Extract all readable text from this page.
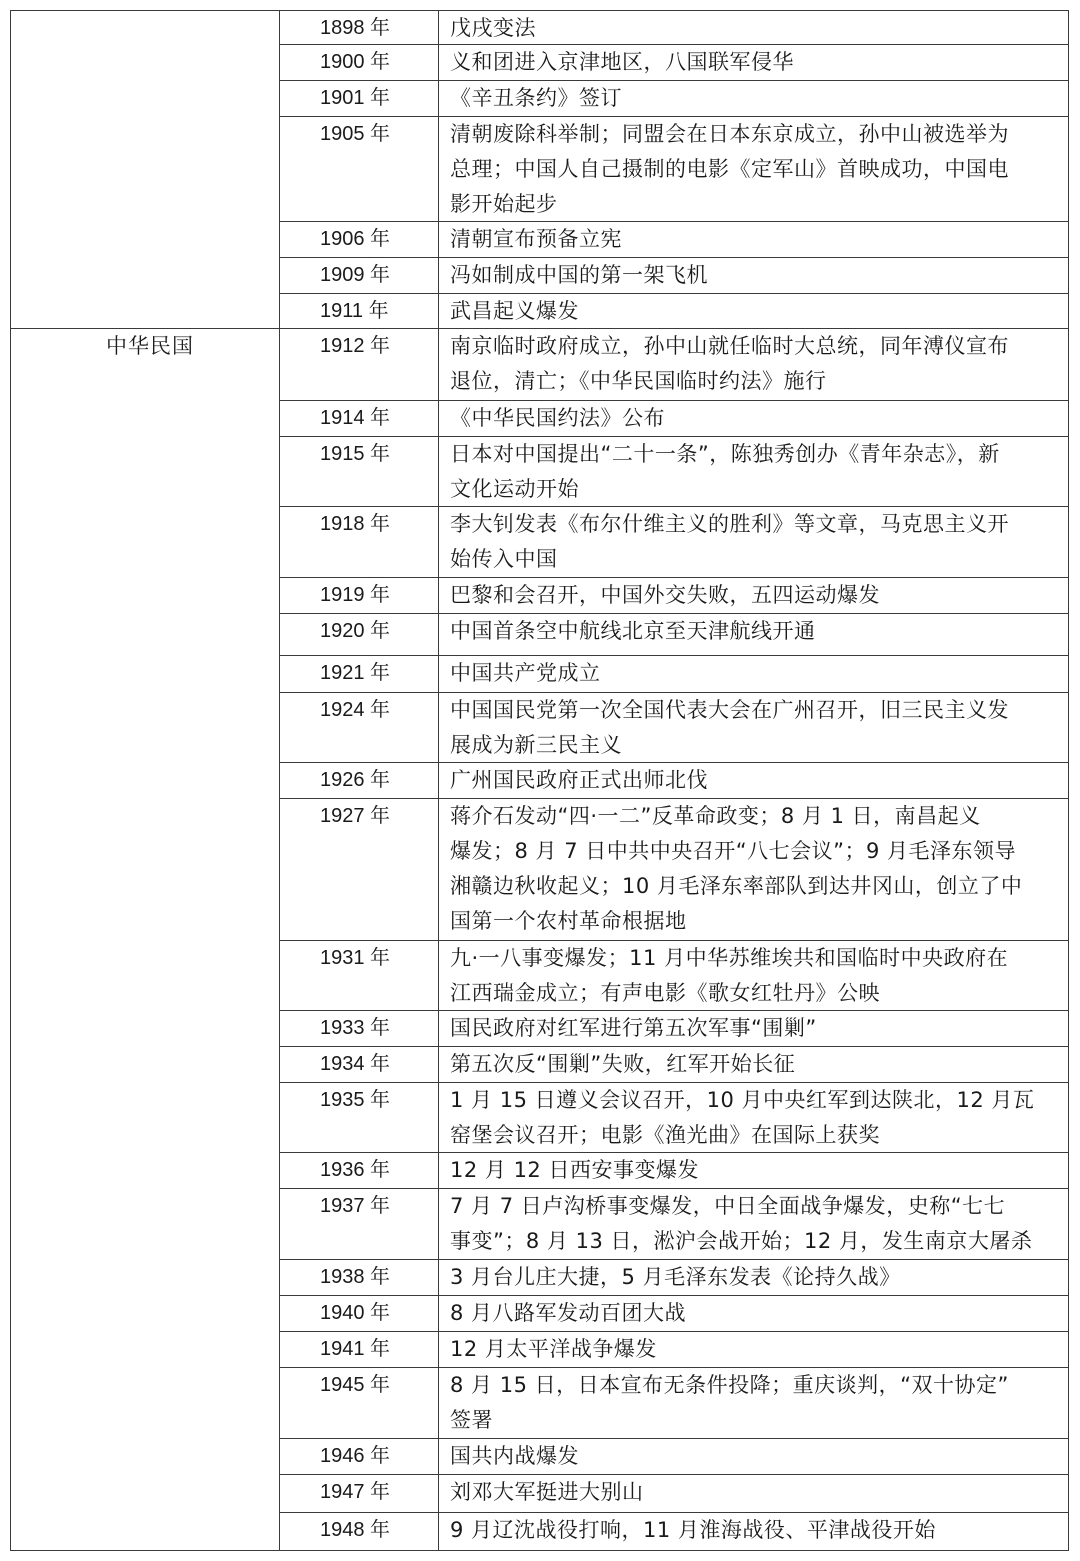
1898 年	戊戌变法
1900 年	义和团进入京津地区，八国联军侵华
1901 年	《辛丑条约》签订
1905 年	清朝废除科举制；同盟会在日本东京成立，孙中山被选举为
总理；中国人自己摄制的电影《定军山》首映成功，中国电
影开始起步
1906 年	清朝宣布预备立宪
1909 年	冯如制成中国的第一架飞机
1911 年	武昌起义爆发
1912 年	南京临时政府成立，孙中山就任临时大总统，同年溥仪宣布
退位，清亡；《中华民国临时约法》施行
1914 年	《中华民国约法》公布
1915 年	日本对中国提出“二十一条”，陈独秀创办《青年杂志》，新
文化运动开始
1918 年	李大钊发表《布尔什维主义的胜利》等文章，马克思主义开
始传入中国
1919 年	巴黎和会召开，中国外交失败，五四运动爆发
1920 年	中国首条空中航线北京至天津航线开通
1921 年	中国共产党成立
1924 年	中国国民党第一次全国代表大会在广州召开，旧三民主义发
展成为新三民主义
1926 年	广州国民政府正式出师北伐
1927 年	蒋介石发动“四·一二”反革命政变；8 月 1 日，南昌起义
爆发；8 月 7 日中共中央召开“八七会议”；9 月毛泽东领导
湘赣边秋收起义；10 月毛泽东率部队到达井冈山，创立了中
国第一个农村革命根据地
1931 年	九·一八事变爆发；11 月中华苏维埃共和国临时中央政府在
江西瑞金成立；有声电影《歌女红牡丹》公映
1933 年	国民政府对红军进行第五次军事“围剿”
1934 年	第五次反“围剿”失败，红军开始长征
1935 年	1 月 15 日遵义会议召开，10 月中央红军到达陕北，12 月瓦
窑堡会议召开；电影《渔光曲》在国际上获奖
1936 年	12 月 12 日西安事变爆发
1937 年	7 月 7 日卢沟桥事变爆发，中日全面战争爆发，史称“七七
事变”；8 月 13 日，淞沪会战开始；12 月，发生南京大屠杀
1938 年	3 月台儿庄大捷，5 月毛泽东发表《论持久战》
1940 年	8 月八路军发动百团大战
1941 年	12 月太平洋战争爆发
1945 年	8 月 15 日，日本宣布无条件投降；重庆谈判，“双十协定”
签署
1946 年	国共内战爆发
1947 年	刘邓大军挺进大别山
1948 年	9 月辽沈战役打响，11 月淮海战役、平津战役开始
中华民国
